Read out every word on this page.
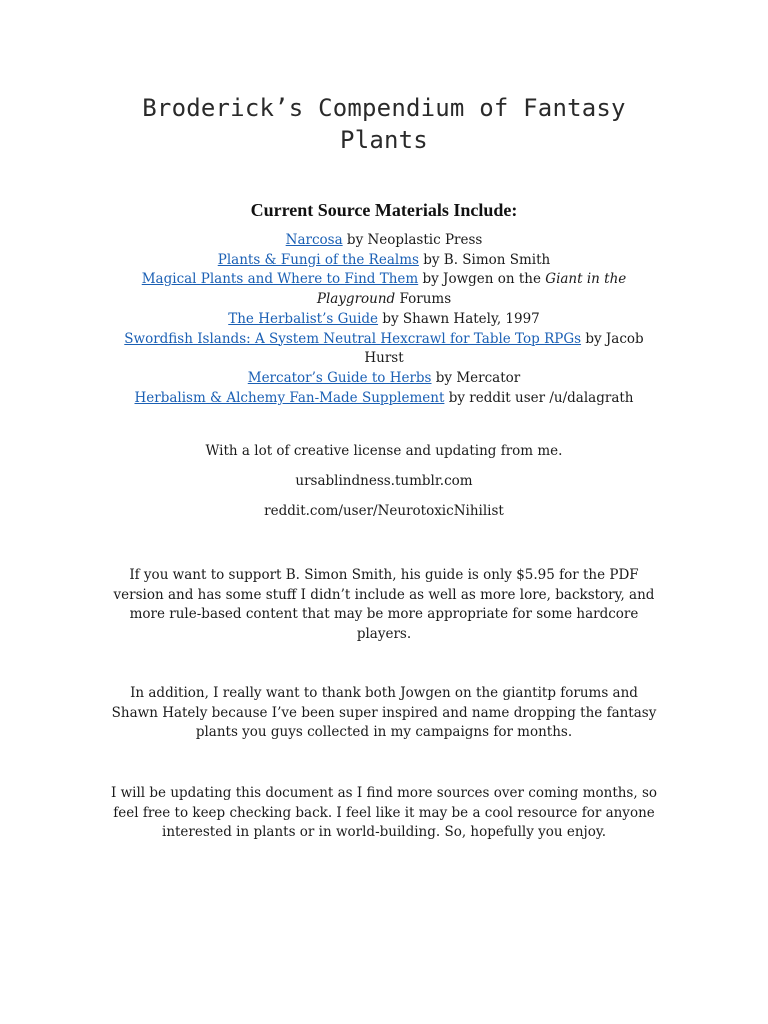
Broderick’s Compendium of Fantasy
Plants
Current Source Materials Include:
Narcosa by Neoplastic Press
Plants & Fungi of the Realms by B. Simon Smith
Magical Plants and Where to Find Them by Jowgen on the Giant in the
Playground Forums
The Herbalist’s Guide by Shawn Hately, 1997
Swordfish Islands: A System Neutral Hexcrawl for Table Top RPGs by Jacob
Hurst
Mercator’s Guide to Herbs by Mercator
Herbalism & Alchemy Fan-Made Supplement by reddit user /u/dalagrath
With a lot of creative license and updating from me.
ursablindness.tumblr.com
reddit.com/user/NeurotoxicNihilist
If you want to support B. Simon Smith, his guide is only $5.95 for the PDF
version and has some stuff I didn’t include as well as more lore, backstory, and
more rule-based content that may be more appropriate for some hardcore
players.
In addition, I really want to thank both Jowgen on the giantitp forums and
Shawn Hately because I’ve been super inspired and name dropping the fantasy
plants you guys collected in my campaigns for months.
I will be updating this document as I find more sources over coming months, so
feel free to keep checking back. I feel like it may be a cool resource for anyone
interested in plants or in world-building. So, hopefully you enjoy.
